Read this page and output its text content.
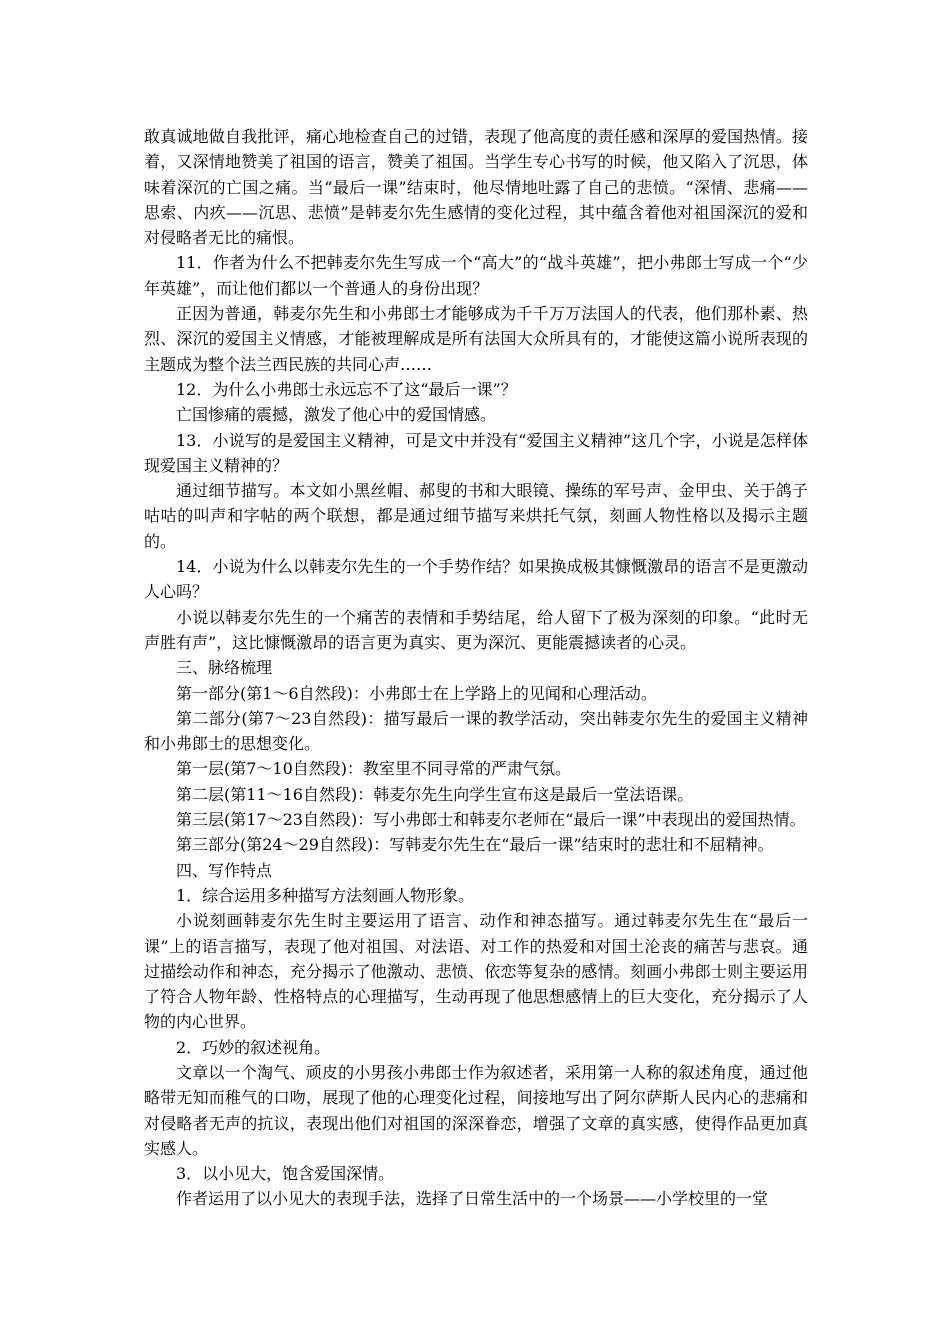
敢真诚地做自我批评，痛心地检查自己的过错，表现了他高度的责任感和深厚的爱国热情。接着，又深情地赞美了祖国的语言，赞美了祖国。当学生专心书写的时候，他又陷入了沉思，体味着深沉的亡国之痛。当“最后一课”结束时，他尽情地吐露了自己的悲愤。“深情、悲痛——思索、内疚——沉思、悲愤”是韩麦尔先生感情的变化过程，其中蕴含着他对祖国深沉的爱和对侵略者无比的痛恨。

11．作者为什么不把韩麦尔先生写成一个“高大”的“战斗英雄”，把小弗郎士写成一个“少年英雄”，而让他们都以一个普通人的身份出现？

正因为普通，韩麦尔先生和小弗郎士才能够成为千千万万法国人的代表，他们那朴素、热烈、深沉的爱国主义情感，才能被理解成是所有法国大众所具有的，才能使这篇小说所表现的主题成为整个法兰西民族的共同心声……

12．为什么小弗郎士永远忘不了这“最后一课”？

亡国惨痛的震撼，激发了他心中的爱国情感。

13．小说写的是爱国主义精神，可是文中并没有“爱国主义精神”这几个字，小说是怎样体现爱国主义精神的？

通过细节描写。本文如小黑丝帽、郝叟的书和大眼镜、操练的军号声、金甲虫、关于鸽子咕咕的叫声和字帖的两个联想，都是通过细节描写来烘托气氛，刻画人物性格以及揭示主题的。

14．小说为什么以韩麦尔先生的一个手势作结？如果换成极其慷慨激昂的语言不是更激动人心吗？

小说以韩麦尔先生的一个痛苦的表情和手势结尾，给人留下了极为深刻的印象。“此时无声胜有声”，这比慷慨激昂的语言更为真实、更为深沉、更能震撼读者的心灵。

三、脉络梳理

第一部分(第1～6自然段)：小弗郎士在上学路上的见闻和心理活动。

第二部分(第7～23自然段)：描写最后一课的教学活动，突出韩麦尔先生的爱国主义精神和小弗郎士的思想变化。

第一层(第7～10自然段)：教室里不同寻常的严肃气氛。

第二层(第11～16自然段)：韩麦尔先生向学生宣布这是最后一堂法语课。

第三层(第17～23自然段)：写小弗郎士和韩麦尔老师在“最后一课”中表现出的爱国热情。

第三部分(第24～29自然段)：写韩麦尔先生在“最后一课”结束时的悲壮和不屈精神。

四、写作特点

1．综合运用多种描写方法刻画人物形象。

小说刻画韩麦尔先生时主要运用了语言、动作和神态描写。通过韩麦尔先生在“最后一课”上的语言描写，表现了他对祖国、对法语、对工作的热爱和对国土沦丧的痛苦与悲哀。通过描绘动作和神态，充分揭示了他激动、悲愤、依恋等复杂的感情。刻画小弗郎士则主要运用了符合人物年龄、性格特点的心理描写，生动再现了他思想感情上的巨大变化，充分揭示了人物的内心世界。

2．巧妙的叙述视角。

文章以一个淘气、顽皮的小男孩小弗郎士作为叙述者，采用第一人称的叙述角度，通过他略带无知而稚气的口吻，展现了他的心理变化过程，间接地写出了阿尔萨斯人民内心的悲痛和对侵略者无声的抗议，表现出他们对祖国的深深眷恋，增强了文章的真实感，使得作品更加真实感人。

3．以小见大，饱含爱国深情。

作者运用了以小见大的表现手法，选择了日常生活中的一个场景——小学校里的一堂
